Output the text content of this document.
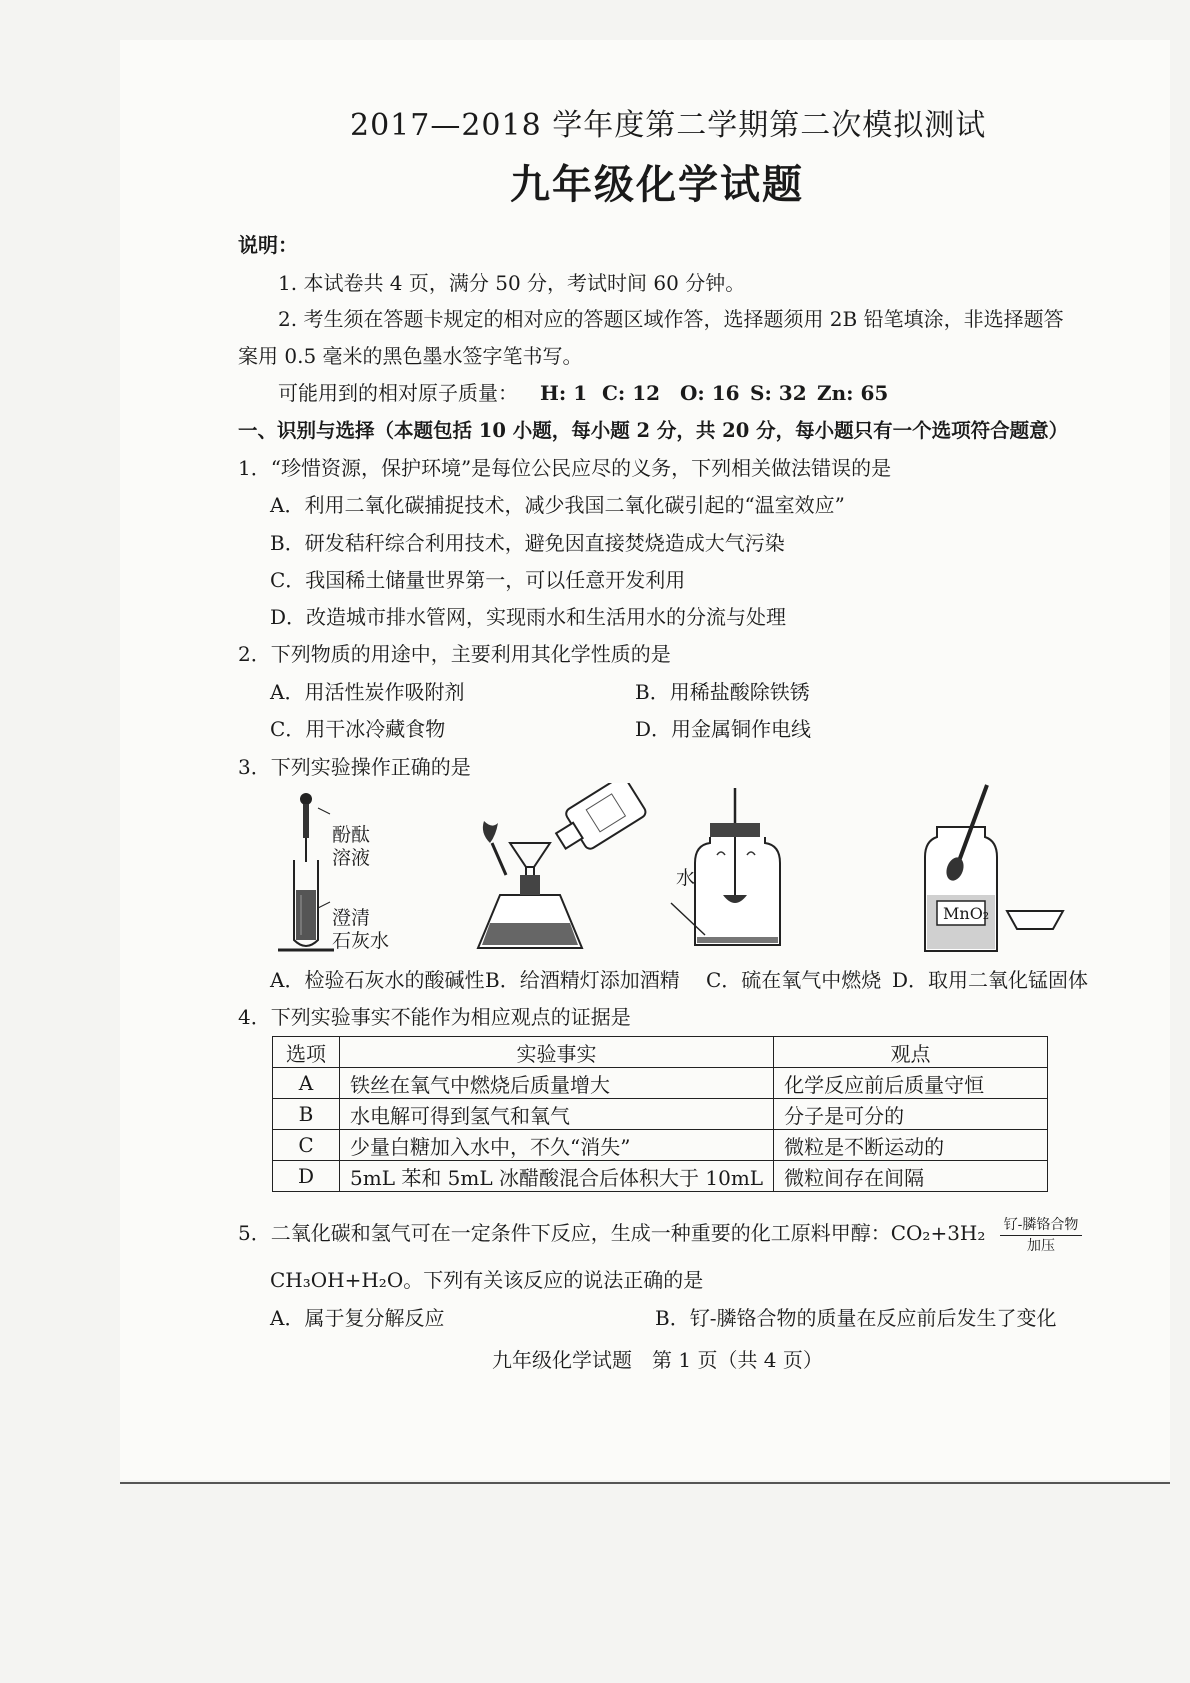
2017—2018 学年度第二学期第二次模拟测试
九年级化学试题
说明：
1. 本试卷共 4 页，满分 50 分，考试时间 60 分钟。
2. 考生须在答题卡规定的相对应的答题区域作答，选择题须用 2B 铅笔填涂，非选择题答
案用 0.5 毫米的黑色墨水签字笔书写。
可能用到的相对原子质量： H: 1 C: 12 O: 16 S: 32 Zn: 65
一、识别与选择（本题包括 10 小题，每小题 2 分，共 20 分，每小题只有一个选项符合题意）
1．“珍惜资源，保护环境”是每位公民应尽的义务，下列相关做法错误的是
A．利用二氧化碳捕捉技术，减少我国二氧化碳引起的“温室效应”
B．研发秸秆综合利用技术，避免因直接焚烧造成大气污染
C．我国稀土储量世界第一，可以任意开发利用
D．改造城市排水管网，实现雨水和生活用水的分流与处理
2．下列物质的用途中，主要利用其化学性质的是
A．用活性炭作吸附剂	B．用稀盐酸除铁锈
C．用干冰冷藏食物	D．用金属铜作电线
3．下列实验操作正确的是
酚酞
溶液
澄清
石灰水
水
MnO₂
A．检验石灰水的酸碱性 B．给酒精灯添加酒精 C．硫在氧气中燃烧 D．取用二氧化锰固体
4．下列实验事实不能作为相应观点的证据是
选项	实验事实	观点
A	铁丝在氧气中燃烧后质量增大	化学反应前后质量守恒
B	水电解可得到氢气和氧气	分子是可分的
C	少量白糖加入水中，不久“消失”	微粒是不断运动的
D	5mL 苯和 5mL 冰醋酸混合后体积大于 10mL	微粒间存在间隔
5．二氧化碳和氢气可在一定条件下反应，生成一种重要的化工原料甲醇：CO₂+3H₂ 钌-膦铬合物
加压
CH₃OH+H₂O。下列有关该反应的说法正确的是
A．属于复分解反应	B．钌-膦铬合物的质量在反应前后发生了变化
九年级化学试题　第 1 页（共 4 页）
